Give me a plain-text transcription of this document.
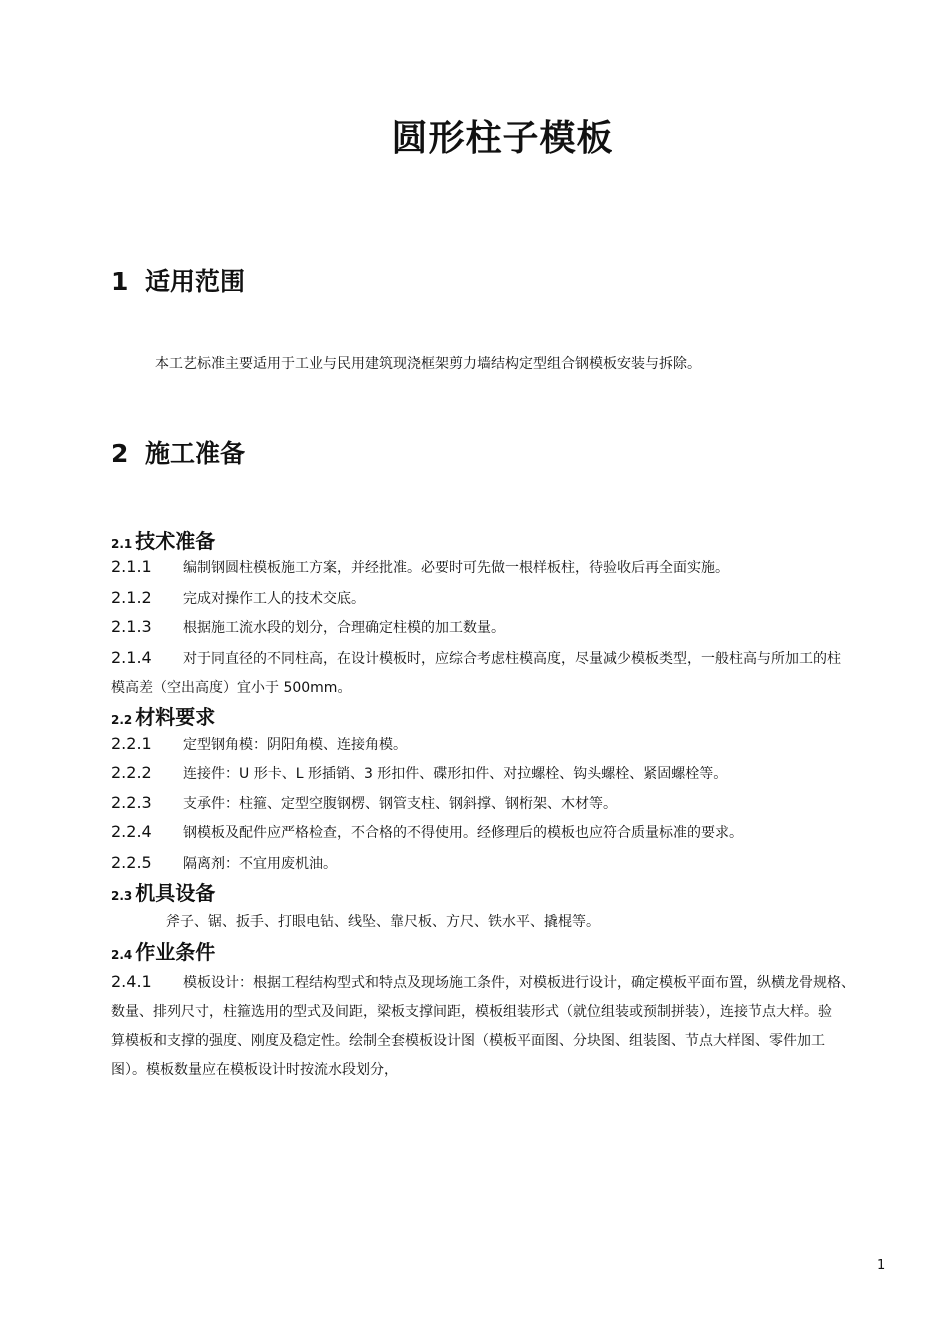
圆形柱子模板
1 适用范围
本工艺标准主要适用于工业与民用建筑现浇框架剪力墙结构定型组合钢模板安装与拆除。
2 施工准备
2.1 技术准备
2.1.1 编制钢圆柱模板施工方案，并经批准。必要时可先做一根样板柱，待验收后再全面实施。
2.1.2 完成对操作工人的技术交底。
2.1.3 根据施工流水段的划分，合理确定柱模的加工数量。
2.1.4 对于同直径的不同柱高，在设计模板时，应综合考虑柱模高度，尽量减少模板类型，一般柱高与所加工的柱
模高差（空出高度）宜小于 500mm。
2.2 材料要求
2.2.1 定型钢角模：阴阳角模、连接角模。
2.2.2 连接件：U 形卡、L 形插销、3 形扣件、碟形扣件、对拉螺栓、钩头螺栓、紧固螺栓等。
2.2.3 支承件：柱箍、定型空腹钢楞、钢管支柱、钢斜撑、钢桁架、木材等。
2.2.4 钢模板及配件应严格检查，不合格的不得使用。经修理后的模板也应符合质量标准的要求。
2.2.5 隔离剂：不宜用废机油。
2.3 机具设备
斧子、锯、扳手、打眼电钻、线坠、靠尺板、方尺、铁水平、撬棍等。
2.4 作业条件
2.4.1 模板设计：根据工程结构型式和特点及现场施工条件，对模板进行设计，确定模板平面布置，纵横龙骨规格、
数量、排列尺寸，柱箍选用的型式及间距，梁板支撑间距，模板组装形式（就位组装或预制拼装），连接节点大样。验
算模板和支撑的强度、刚度及稳定性。绘制全套模板设计图（模板平面图、分块图、组装图、节点大样图、零件加工
图）。模板数量应在模板设计时按流水段划分，
1
